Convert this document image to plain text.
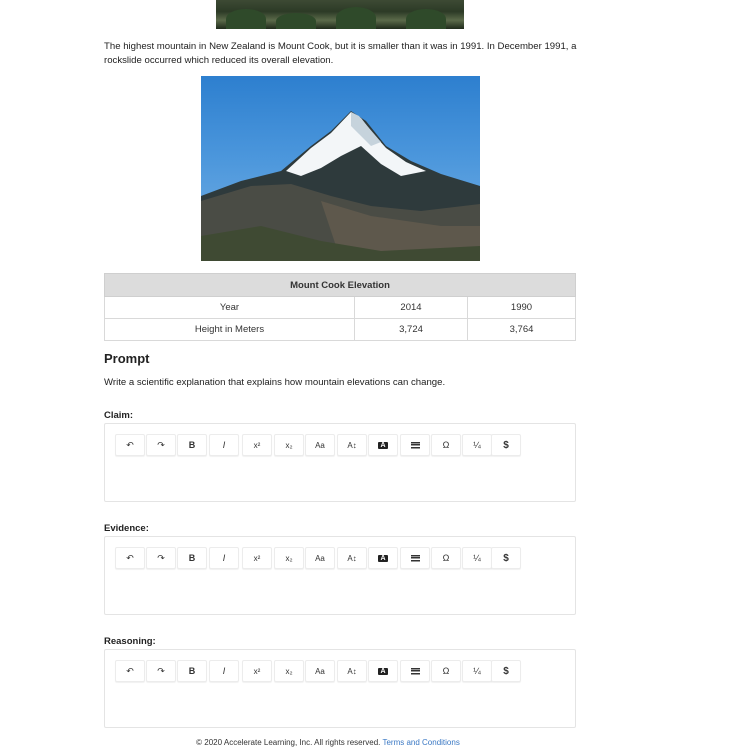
The highest mountain in New Zealand is Mount Cook, but it is smaller than it was in 1991. In December 1991, a rockslide occurred which reduced its overall elevation.
Mount Cook Elevation		
Year	2014	1990
Height in Meters	3,724	3,764
Prompt
Write a scientific explanation that explains how mountain elevations can change.
Claim:
↶	↷	B	I	x²	x₂	Aa	A↕	A	Ω	¼	$
Evidence:
↶	↷	B	I	x²	x₂	Aa	A↕	A	Ω	¼	$
Reasoning:
↶	↷	B	I	x²	x₂	Aa	A↕	A	Ω	¼	$
© 2020 Accelerate Learning, Inc. All rights reserved. Terms and Conditions
